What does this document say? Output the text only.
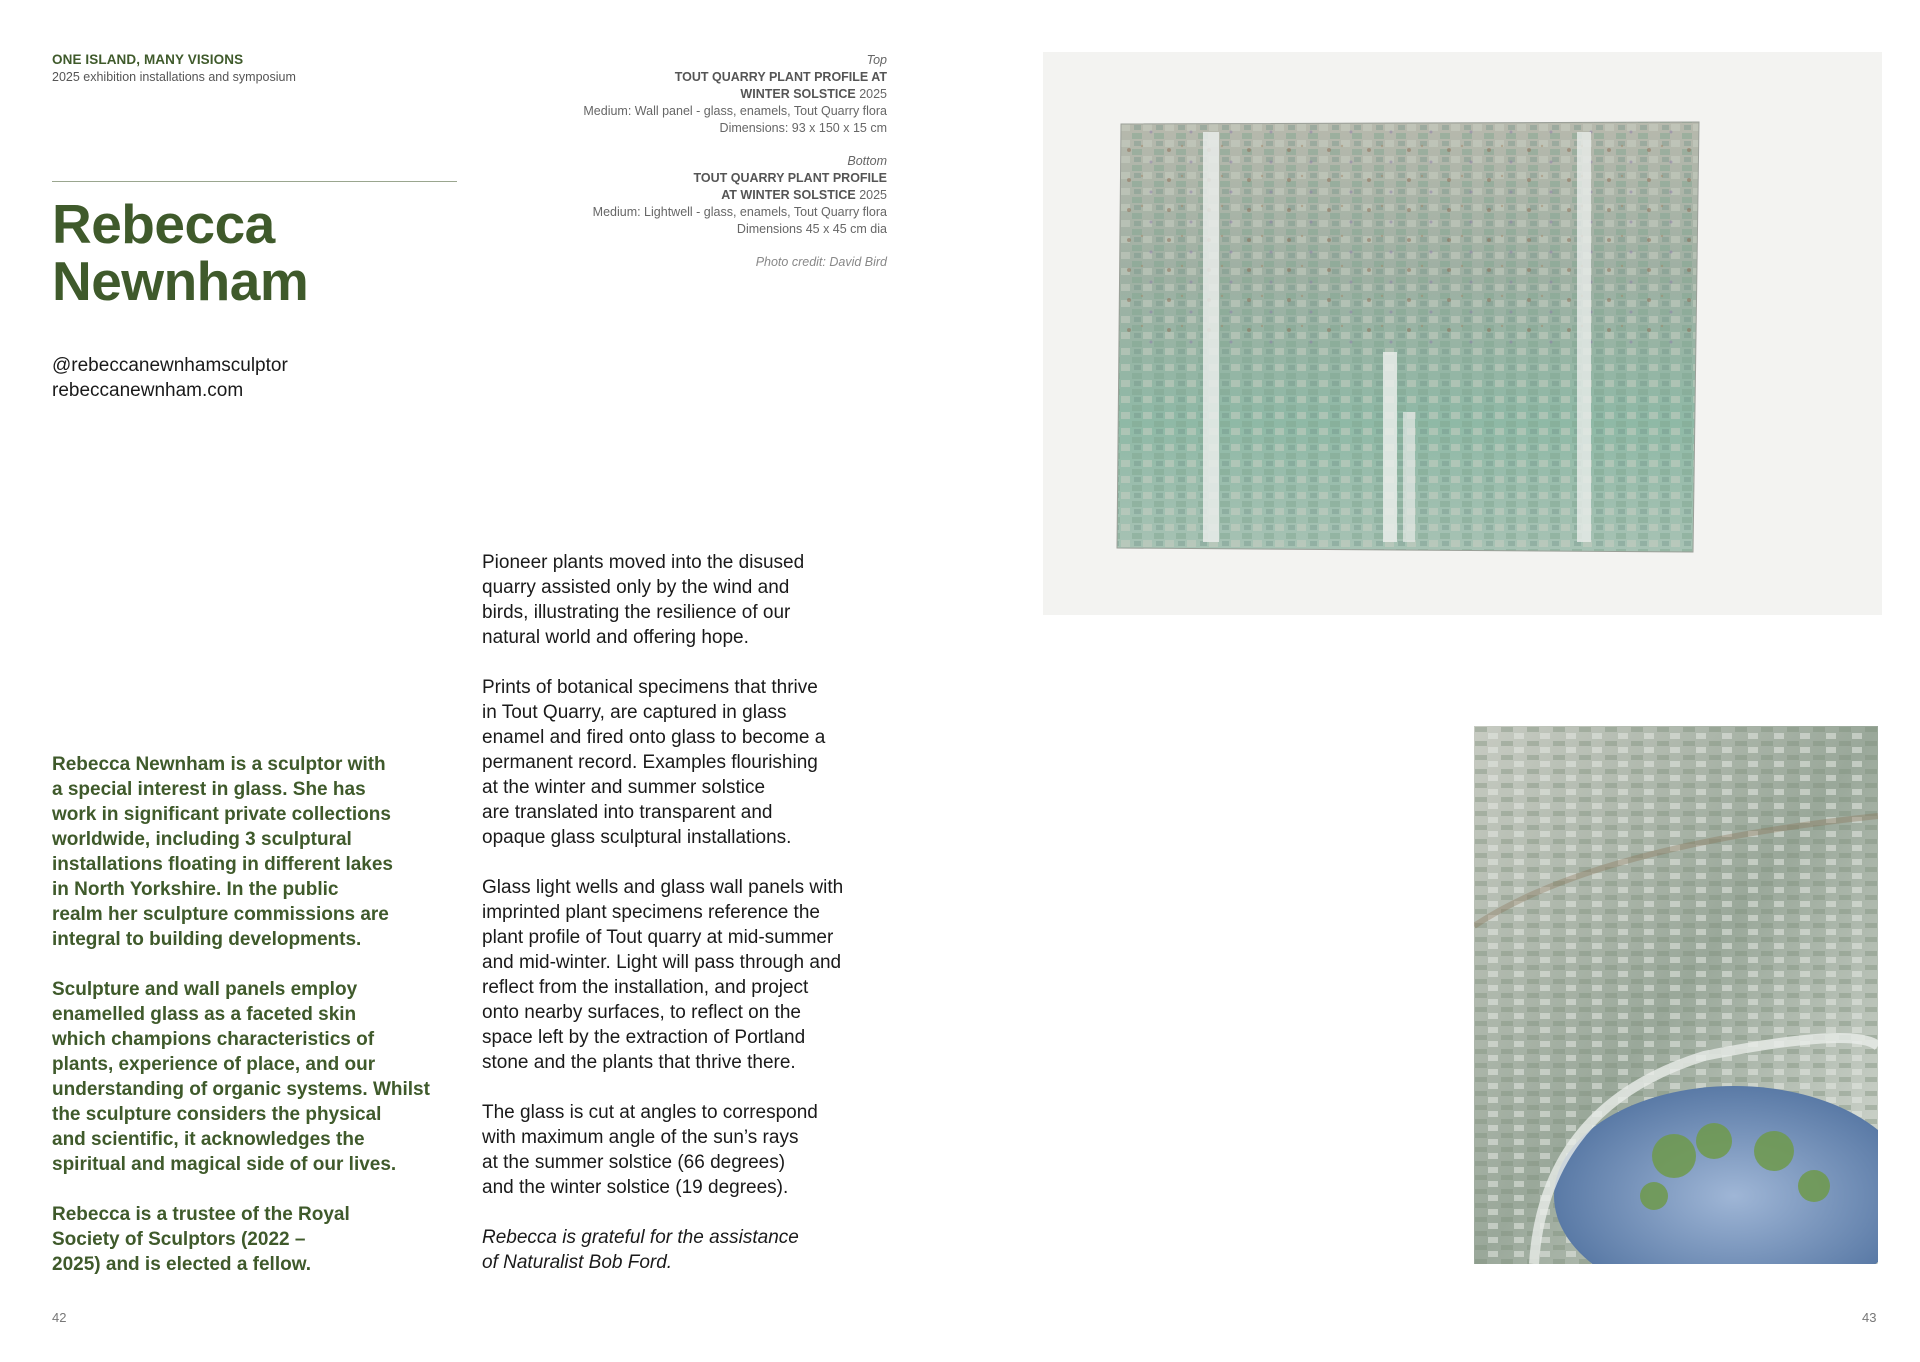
ONE ISLAND, MANY VISIONS
2025 exhibition installations and symposium
Top
TOUT QUARRY PLANT PROFILE AT
WINTER SOLSTICE 2025
Medium: Wall panel - glass, enamels, Tout Quarry flora
Dimensions: 93 x 150 x 15 cm
Bottom
TOUT QUARRY PLANT PROFILE
AT WINTER SOLSTICE 2025
Medium: Lightwell - glass, enamels, Tout Quarry flora
Dimensions 45 x 45 cm dia
Photo credit: David Bird
Rebecca
Newnham
@rebeccanewnhamsculptor
rebeccanewnham.com

Rebecca Newnham is a sculptor with
a special interest in glass. She has
work in significant private collections
worldwide, including 3 sculptural
installations floating in different lakes
in North Yorkshire. In the public
realm her sculpture commissions are
integral to building developments.

Sculpture and wall panels employ
enamelled glass as a faceted skin
which champions characteristics of
plants, experience of place, and our
understanding of organic systems. Whilst
the sculpture considers the physical
and scientific, it acknowledges the
spiritual and magical side of our lives.

Rebecca is a trustee of the Royal
Society of Sculptors (2022 –
2025) and is elected a fellow.

Pioneer plants moved into the disused
quarry assisted only by the wind and
birds, illustrating the resilience of our
natural world and offering hope.

Prints of botanical specimens that thrive
in Tout Quarry, are captured in glass
enamel and fired onto glass to become a
permanent record. Examples flourishing
at the winter and summer solstice
are translated into transparent and
opaque glass sculptural installations.

Glass light wells and glass wall panels with
imprinted plant specimens reference the
plant profile of Tout quarry at mid-summer
and mid-winter. Light will pass through and
reflect from the installation, and project
onto nearby surfaces, to reflect on the
space left by the extraction of Portland
stone and the plants that thrive there.

The glass is cut at angles to correspond
with maximum angle of the sun’s rays
at the summer solstice (66 degrees)
and the winter solstice (19 degrees).

Rebecca is grateful for the assistance
of Naturalist Bob Ford.

42	43
